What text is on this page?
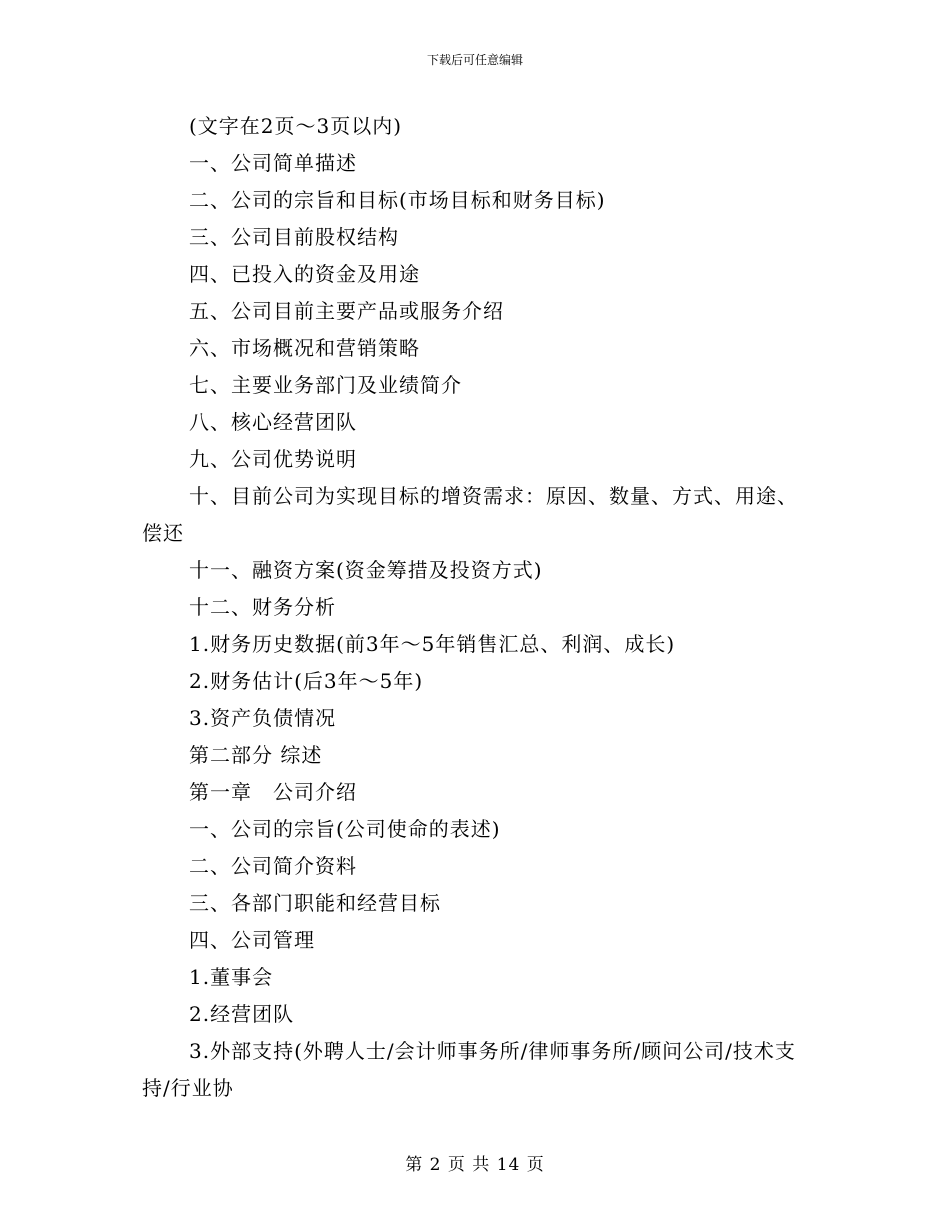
下载后可任意编辑

(文字在2页～3页以内)

一、公司简单描述

二、公司的宗旨和目标(市场目标和财务目标)

三、公司目前股权结构

四、已投入的资金及用途

五、公司目前主要产品或服务介绍

六、市场概况和营销策略

七、主要业务部门及业绩简介

八、核心经营团队

九、公司优势说明

十、目前公司为实现目标的增资需求：原因、数量、方式、用途、偿还

十一、融资方案(资金筹措及投资方式)

十二、财务分析

1.财务历史数据(前3年～5年销售汇总、利润、成长)

2.财务估计(后3年～5年)

3.资产负债情况

第二部分 综述

第一章　公司介绍

一、公司的宗旨(公司使命的表述)

二、公司简介资料

三、各部门职能和经营目标

四、公司管理

1.董事会

2.经营团队

3.外部支持(外聘人士/会计师事务所/律师事务所/顾问公司/技术支持/行业协

第 2 页 共 14 页
